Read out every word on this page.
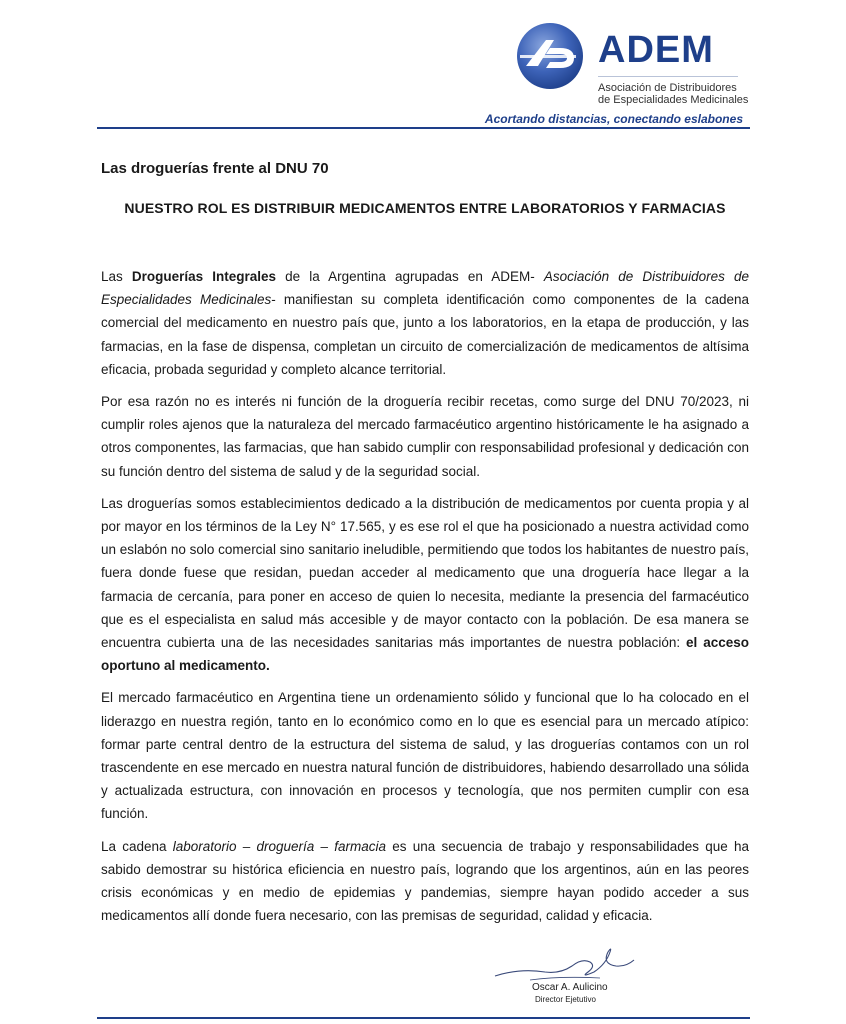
ADEM
Asociación de Distribuidores
de Especialidades Medicinales
Acortando distancias, conectando eslabones
Las droguerías frente al DNU 70
NUESTRO ROL ES DISTRIBUIR MEDICAMENTOS ENTRE LABORATORIOS Y FARMACIAS

Las Droguerías Integrales de la Argentina agrupadas en ADEM- Asociación de Distribuidores de Especialidades Medicinales- manifiestan su completa identificación como componentes de la cadena comercial del medicamento en nuestro país que, junto a los laboratorios, en la etapa de producción, y las farmacias, en la fase de dispensa, completan un circuito de comercialización de medicamentos de altísima eficacia, probada seguridad y completo alcance territorial.

Por esa razón no es interés ni función de la droguería recibir recetas, como surge del DNU 70/2023, ni cumplir roles ajenos que la naturaleza del mercado farmacéutico argentino históricamente le ha asignado a otros componentes, las farmacias, que han sabido cumplir con responsabilidad profesional y dedicación con su función dentro del sistema de salud y de la seguridad social.

Las droguerías somos establecimientos dedicado a la distribución de medicamentos por cuenta propia y al por mayor en los términos de la Ley N° 17.565, y es ese rol el que ha posicionado a nuestra actividad como un eslabón no solo comercial sino sanitario ineludible, permitiendo que todos los habitantes de nuestro país, fuera donde fuese que residan, puedan acceder al medicamento que una droguería hace llegar a la farmacia de cercanía, para poner en acceso de quien lo necesita, mediante la presencia del farmacéutico que es el especialista en salud más accesible y de mayor contacto con la población. De esa manera se encuentra cubierta una de las necesidades sanitarias más importantes de nuestra población: el acceso oportuno al medicamento.

El mercado farmacéutico en Argentina tiene un ordenamiento sólido y funcional que lo ha colocado en el liderazgo en nuestra región, tanto en lo económico como en lo que es esencial para un mercado atípico: formar parte central dentro de la estructura del sistema de salud, y las droguerías contamos con un rol trascendente en ese mercado en nuestra natural función de distribuidores, habiendo desarrollado una sólida y actualizada estructura, con innovación en procesos y tecnología, que nos permiten cumplir con esa función.

La cadena laboratorio – droguería – farmacia es una secuencia de trabajo y responsabilidades que ha sabido demostrar su histórica eficiencia en nuestro país, logrando que los argentinos, aún en las peores crisis económicas y en medio de epidemias y pandemias, siempre hayan podido acceder a sus medicamentos allí donde fuera necesario, con las premisas de seguridad, calidad y eficacia.

Oscar A. Aulicino
Director Ejetutivo
